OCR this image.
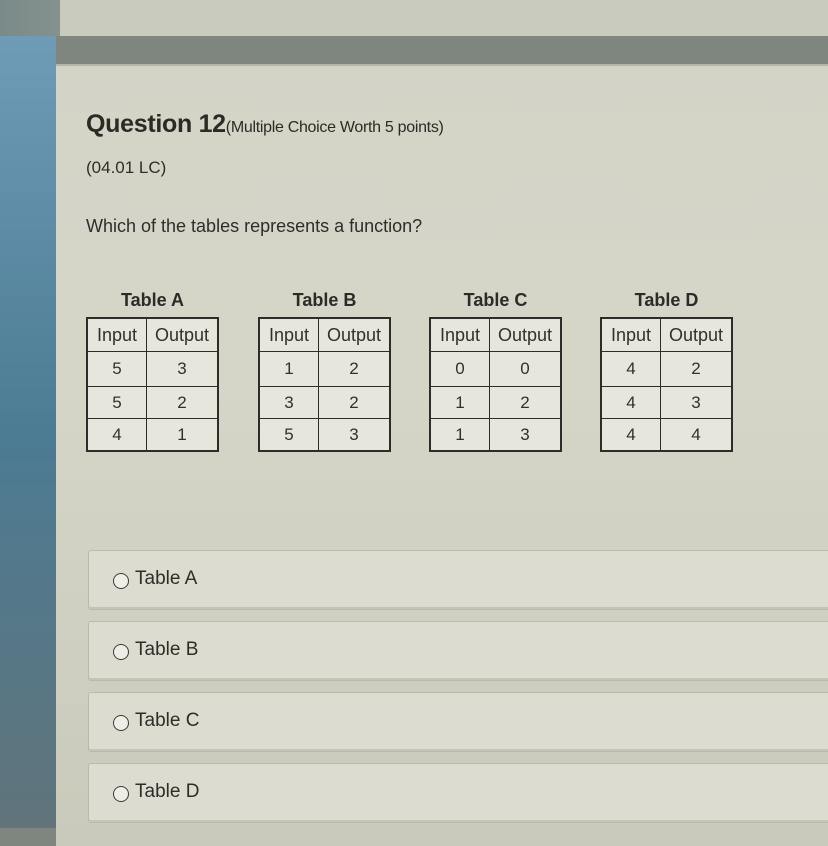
Question 12(Multiple Choice Worth 5 points)
(04.01 LC)
Which of the tables represents a function?
Table A
Input	Output
5	3
5	2
4	1
Table B
Input	Output
1	2
3	2
5	3
Table C
Input	Output
0	0
1	2
1	3
Table D
Input	Output
4	2
4	3
4	4
Table A
Table B
Table C
Table D
